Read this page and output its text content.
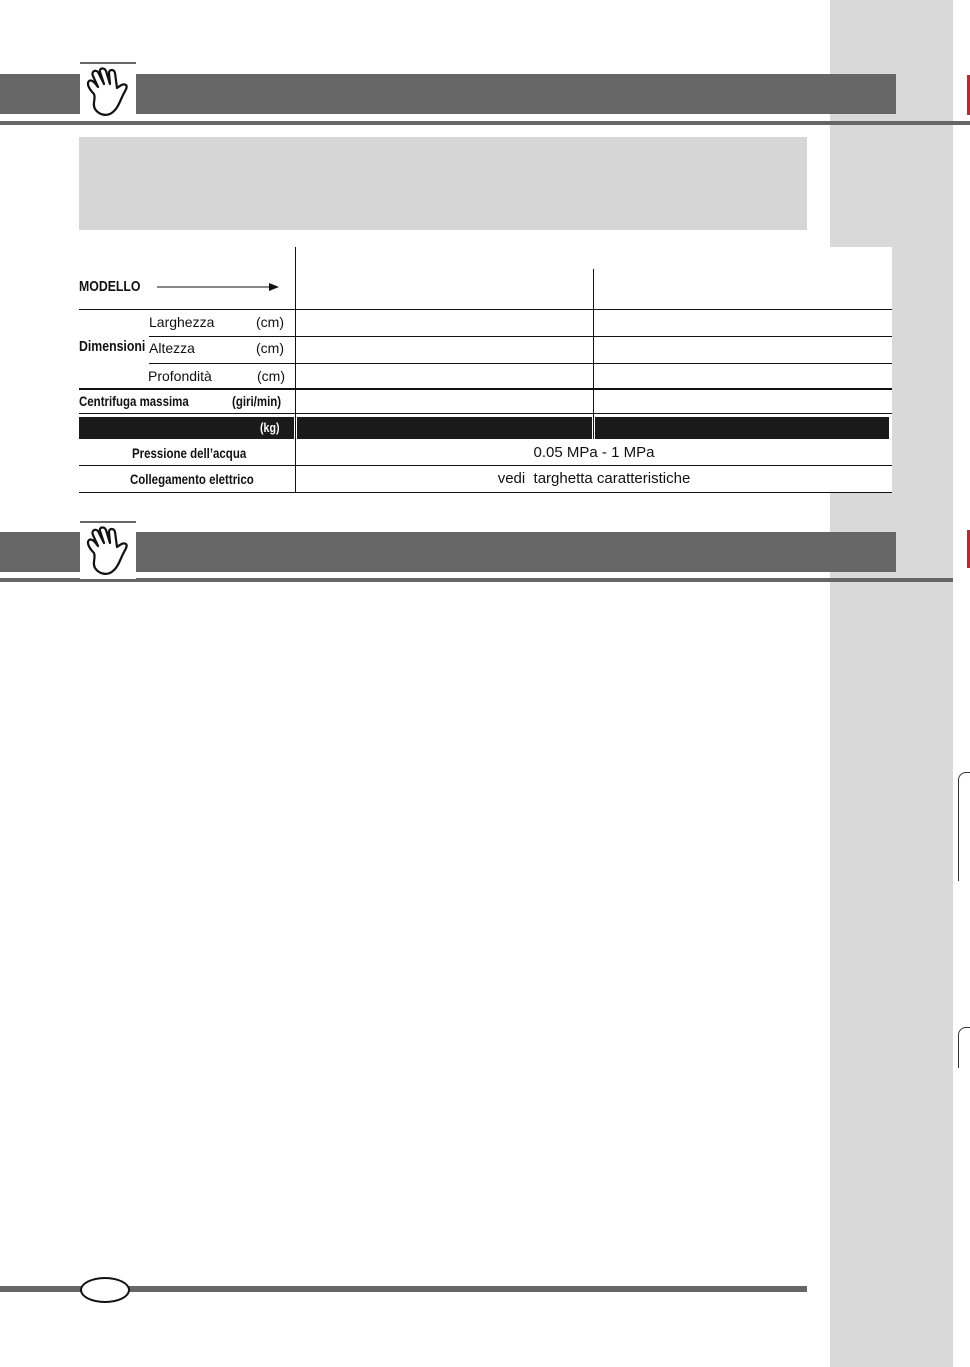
MODELLO
Dimensioni
Larghezza	(cm)
Altezza	(cm)
Profondità	(cm)
Centrifuga massima	(giri/min)
(kg)
Pressione dell’acqua	0.05 MPa - 1 MPa
Collegamento elettrico	vedi  targhetta caratteristiche
